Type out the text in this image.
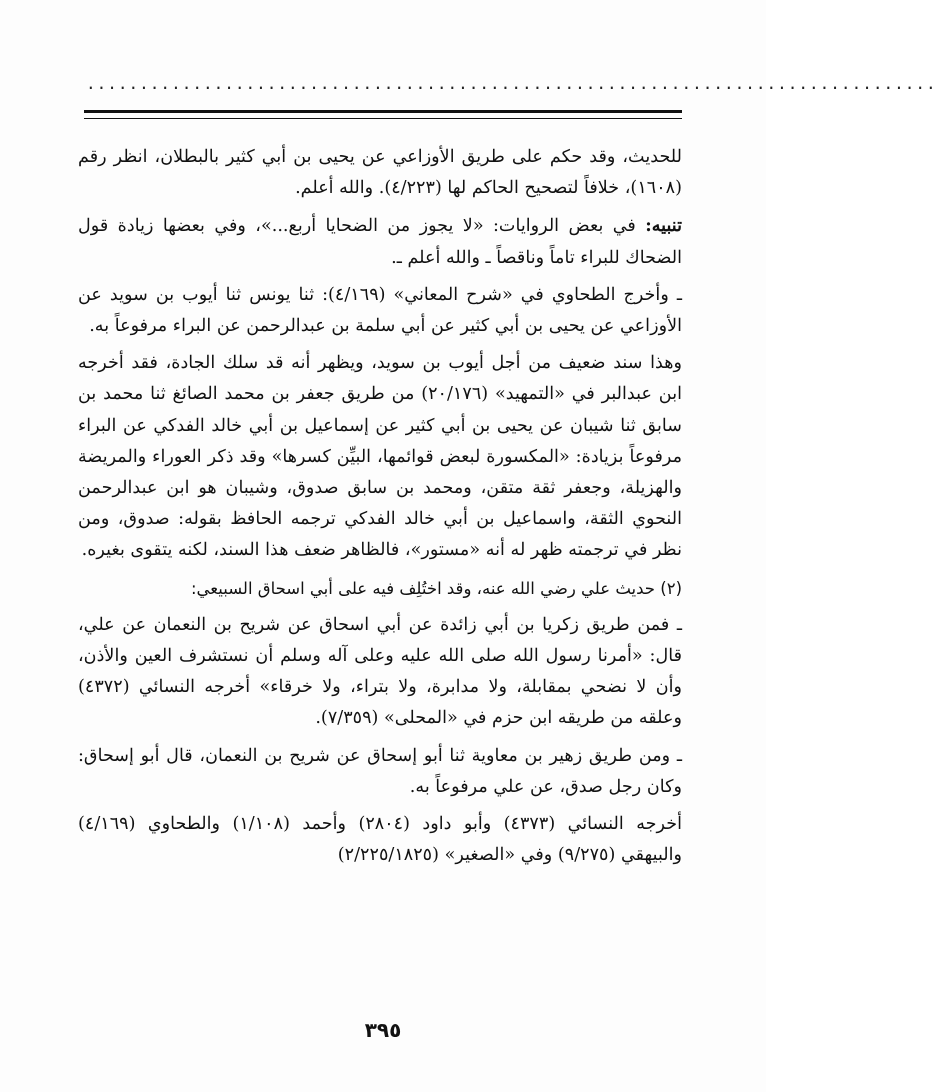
................................................................................

للحديث، وقد حكم على طريق الأوزاعي عن يحيى بن أبي كثير بالبطلان، انظر رقم (١٦٠٨)، خلافاً لتصحيح الحاكم لها (٤/٢٢٣). والله أعلم.

تنبيه: في بعض الروايات: «لا يجوز من الضحايا أربع...»، وفي بعضها زيادة قول الضحاك للبراء تاماً وناقصاً ـ والله أعلم ـ.

ـ وأخرج الطحاوي في «شرح المعاني» (٤/١٦٩): ثنا يونس ثنا أيوب بن سويد عن الأوزاعي عن يحيى بن أبي كثير عن أبي سلمة بن عبدالرحمن عن البراء مرفوعاً به.

وهذا سند ضعيف من أجل أيوب بن سويد، ويظهر أنه قد سلك الجادة، فقد أخرجه ابن عبدالبر في «التمهيد» (٢٠/١٧٦) من طريق جعفر بن محمد الصائغ ثنا محمد بن سابق ثنا شيبان عن يحيى بن أبي كثير عن إسماعيل بن أبي خالد الفدكي عن البراء مرفوعاً بزيادة: «المكسورة لبعض قوائمها، البيِّن كسرها» وقد ذكر العوراء والمريضة والهزيلة، وجعفر ثقة متقن، ومحمد بن سابق صدوق، وشيبان هو ابن عبدالرحمن النحوي الثقة، واسماعيل بن أبي خالد الفدكي ترجمه الحافظ بقوله: صدوق، ومن نظر في ترجمته ظهر له أنه «مستور»، فالظاهر ضعف هذا السند، لكنه يتقوى بغيره.

(٢) حديث علي رضي الله عنه، وقد اختُلِف فيه على أبي اسحاق السبيعي:

ـ فمن طريق زكريا بن أبي زائدة عن أبي اسحاق عن شريح بن النعمان عن علي، قال: «أمرنا رسول الله صلى الله عليه وعلى آله وسلم أن نستشرف العين والأذن، وأن لا نضحي بمقابلة، ولا مدابرة، ولا بتراء، ولا خرقاء» أخرجه النسائي (٤٣٧٢) وعلقه من طريقه ابن حزم في «المحلى» (٧/٣٥٩).

ـ ومن طريق زهير بن معاوية ثنا أبو إسحاق عن شريح بن النعمان، قال أبو إسحاق: وكان رجل صدق، عن علي مرفوعاً به.

أخرجه النسائي (٤٣٧٣) وأبو داود (٢٨٠٤) وأحمد (١/١٠٨) والطحاوي (٤/١٦٩) والبيهقي (٩/٢٧٥) وفي «الصغير» (٢/٢٢٥/١٨٢٥)

٣٩٥
